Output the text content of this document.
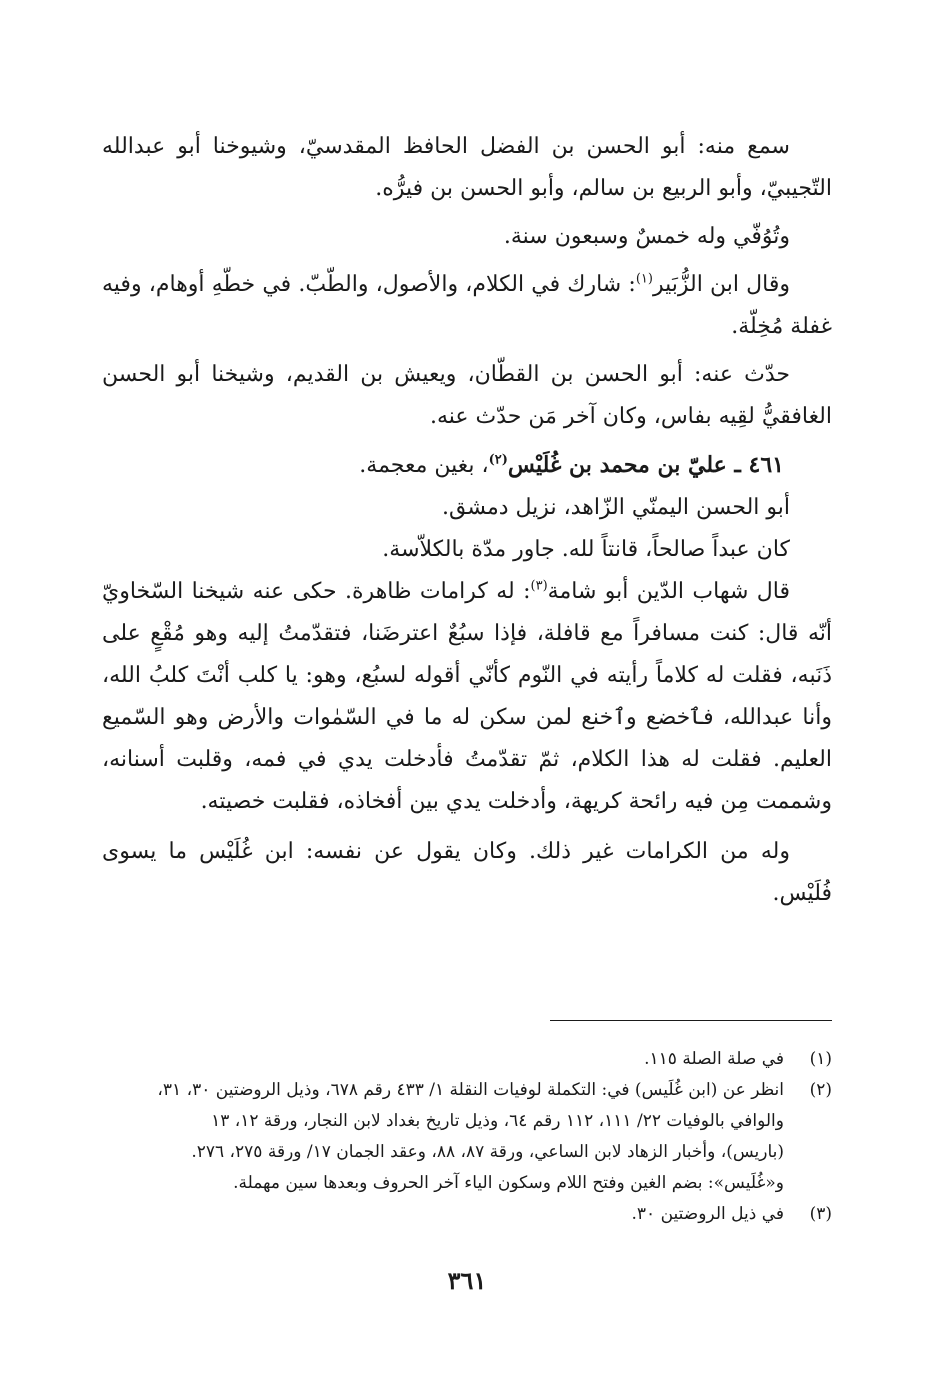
سمع منه: أبو الحسن بن الفضل الحافظ المقدسيّ، وشيوخنا أبو عبدالله التّجيبيّ، وأبو الربيع بن سالم، وأبو الحسن بن فيرُّه.

وتُوُفّي وله خمسٌ وسبعون سنة.

وقال ابن الزُّبَير$^{(١)}$: شارك في الكلام، والأصول، والطّبّ. في خطّهِ أوهام، وفيه غفلة مُخِلّة.

حدّث عنه: أبو الحسن بن القطّان، ويعيش بن القديم، وشيخنا أبو الحسن الغافقيُّ لقِيه بفاس، وكان آخر مَن حدّث عنه.

٤٦١ ـ عليّ بن محمد بن غُلَيْس$^{(٢)}$، بغين معجمة.

أبو الحسن اليمنّي الزّاهد، نزيل دمشق.

كان عبداً صالحاً، قانتاً لله. جاور مدّة بالكلاّسة.

قال شهاب الدّين أبو شامة$^{(٣)}$: له كرامات ظاهرة. حكى عنه شيخنا السّخاويّ أنّه قال: كنت مسافراً مع قافلة، فإذا سبُعٌ اعترضَنا، فتقدّمتُ إليه وهو مُقْعٍ على ذَنَبه، فقلت له كلاماً رأيته في النّوم كأنّي أقوله لسبُع، وهو: يا كلب أنْتَ كلبُ الله، وأنا عبدالله، فٱخضع وٱخنع لمن سكن له ما في السّمٰوات والأرض وهو السّميع العليم. فقلت له هذا الكلام، ثمّ تقدّمتُ فأدخلت يدي في فمه، وقلبت أسنانه، وشممت مِن فيه رائحة كريهة، وأدخلت يدي بين أفخاذه، فقلبت خصيته.

وله من الكرامات غير ذلك. وكان يقول عن نفسه: ابن غُلَيْس ما يسوى فُلَيْس.

(١)
في صلة الصلة ١١٥.
(٢)
انظر عن (ابن غُلَيس) في: التكملة لوفيات النقلة ١/ ٤٣٣ رقم ٦٧٨، وذيل الروضتين ٣٠، ٣١،
والوافي بالوفيات ٢٢/ ١١١، ١١٢ رقم ٦٤، وذيل تاريخ بغداد لابن النجار، ورقة ١٢، ١٣
(باريس)، وأخبار الزهاد لابن الساعي، ورقة ٨٧، ٨٨، وعقد الجمان ١٧/ ورقة ٢٧٥، ٢٧٦.
و«غُلَيس»: بضم الغين وفتح اللام وسكون الياء آخر الحروف وبعدها سين مهملة.
(٣)
في ذيل الروضتين ٣٠.
٣٦١
